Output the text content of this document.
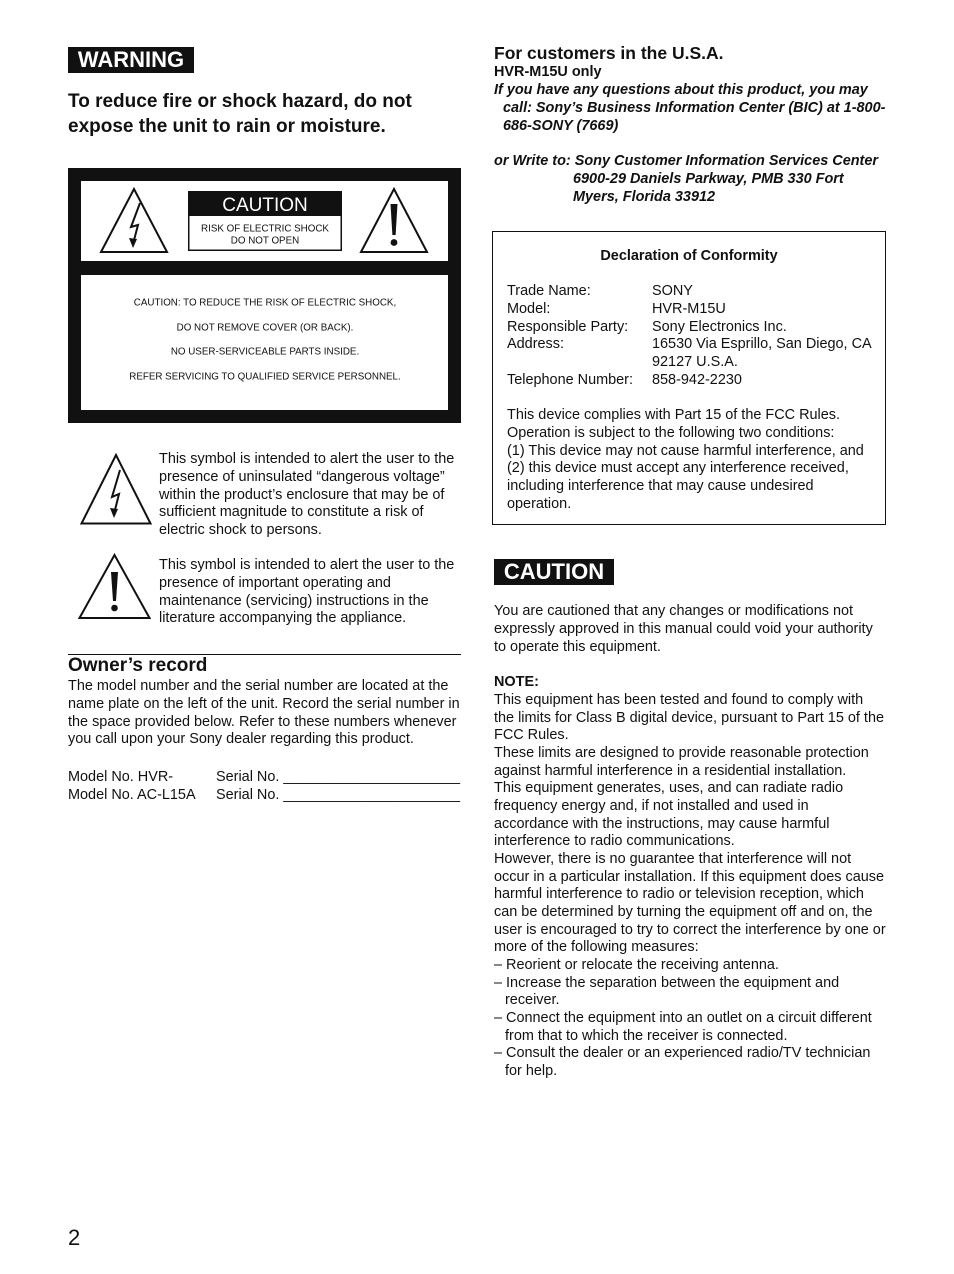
WARNING
To reduce fire or shock hazard, do not
expose the unit to rain or moisture.
CAUTION
RISK OF ELECTRIC SHOCK
DO NOT OPEN
CAUTION: TO REDUCE THE RISK OF ELECTRIC SHOCK,
DO NOT REMOVE COVER (OR BACK).
NO USER-SERVICEABLE PARTS INSIDE.
REFER SERVICING TO QUALIFIED SERVICE PERSONNEL.
This symbol is intended to alert the user to the
presence of uninsulated “dangerous voltage”
within the product’s enclosure that may be of
sufficient magnitude to constitute a risk of
electric shock to persons.
This symbol is intended to alert the user to the
presence of important operating and
maintenance (servicing) instructions in the
literature accompanying the appliance.
Owner’s record
The model number and the serial number are located at the
name plate on the left of the unit. Record the serial number in
the space provided below. Refer to these numbers whenever
you call upon your Sony dealer regarding this product.
Model No. HVR-	Serial No. ______________________
Model No. AC-L15A	Serial No. ______________________
2
For customers in the U.S.A.
HVR-M15U only
If you have any questions about this product, you may
call: Sony’s Business Information Center (BIC) at 1-800-
686-SONY (7669)
or Write to: Sony Customer Information Services Center
6900-29 Daniels Parkway, PMB 330 Fort
Myers, Florida 33912
Declaration of Conformity
Trade Name:	SONY
Model:	HVR-M15U
Responsible Party:	Sony Electronics Inc.
Address:	16530 Via Esprillo, San Diego, CA
92127 U.S.A.
Telephone Number:	858-942-2230
This device complies with Part 15 of the FCC Rules.
Operation is subject to the following two conditions:
(1) This device may not cause harmful interference, and
(2) this device must accept any interference received,
including interference that may cause undesired
operation.
CAUTION
You are cautioned that any changes or modifications not
expressly approved in this manual could void your authority
to operate this equipment.
NOTE:
This equipment has been tested and found to comply with
the limits for Class B digital device, pursuant to Part 15 of the
FCC Rules.
These limits are designed to provide reasonable protection
against harmful interference in a residential installation.
This equipment generates, uses, and can radiate radio
frequency energy and, if not installed and used in
accordance with the instructions, may cause harmful
interference to radio communications.
However, there is no guarantee that interference will not
occur in a particular installation. If this equipment does cause
harmful interference to radio or television reception, which
can be determined by turning the equipment off and on, the
user is encouraged to try to correct the interference by one or
more of the following measures:
– Reorient or relocate the receiving antenna.
– Increase the separation between the equipment and
receiver.
– Connect the equipment into an outlet on a circuit different
from that to which the receiver is connected.
– Consult the dealer or an experienced radio/TV technician
for help.
